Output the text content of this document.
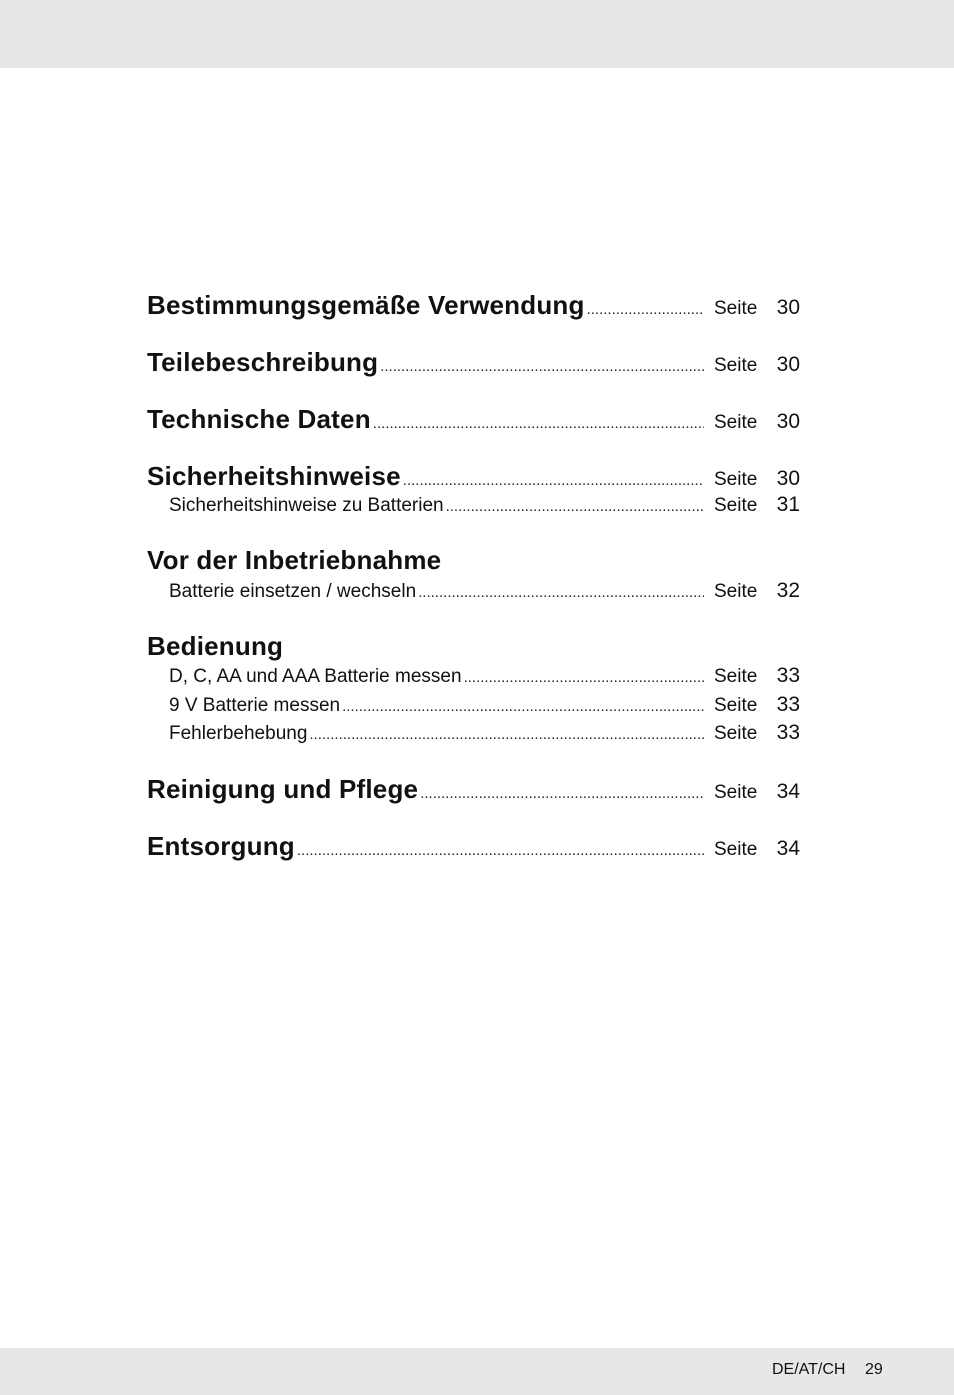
Bestimmungsgemäße Verwendung .....	Seite 30
Teilebeschreibung .....	Seite 30
Technische Daten .....	Seite 30
Sicherheitshinweise .....	Seite 30
Sicherheitshinweise zu Batterien .....	Seite 31
Vor der Inbetriebnahme
Batterie einsetzen / wechseln .....	Seite 32
Bedienung
D, C, AA und AAA Batterie messen .....	Seite 33
9 V Batterie messen .....	Seite 33
Fehlerbehebung .....	Seite 33
Reinigung und Pflege .....	Seite 34
Entsorgung .....	Seite 34
DE/AT/CH 29
